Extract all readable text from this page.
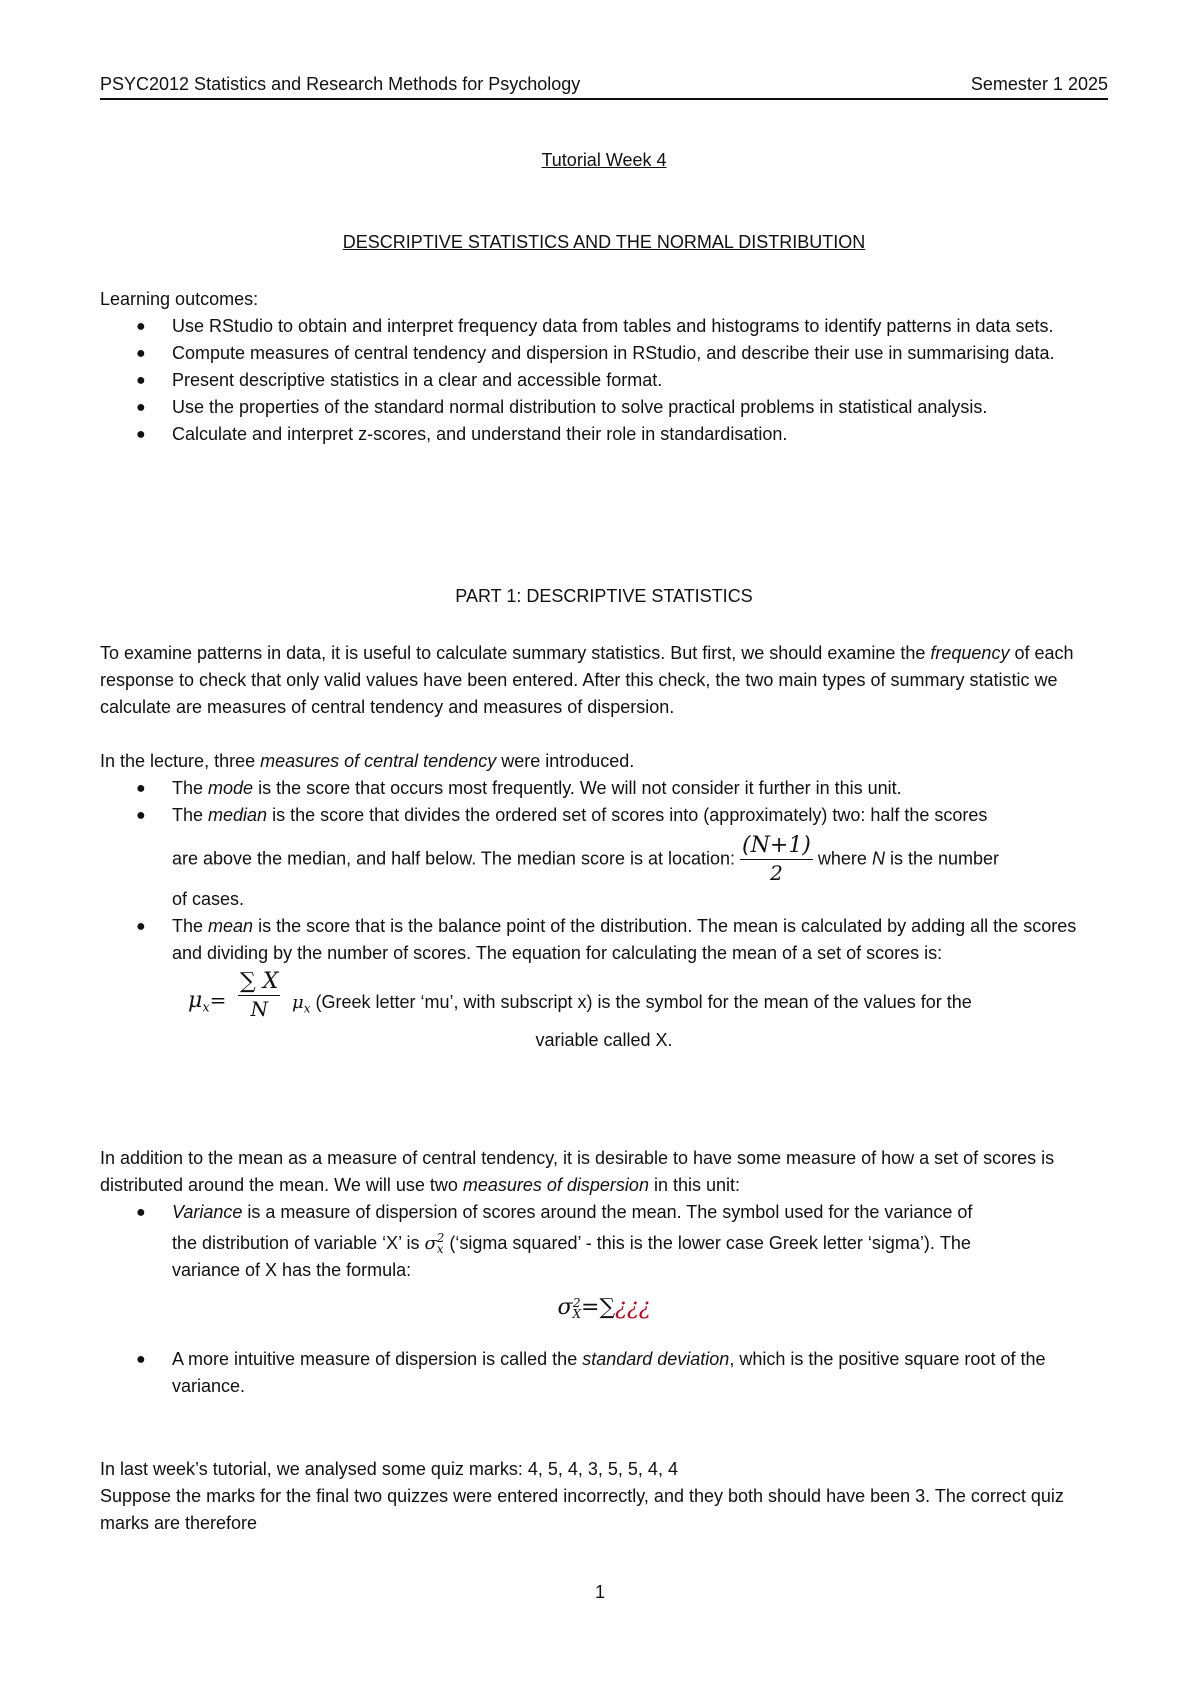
PSYC2012 Statistics and Research Methods for Psychology	Semester 1 2025
Tutorial Week 4
DESCRIPTIVE STATISTICS AND THE NORMAL DISTRIBUTION
Learning outcomes:
● Use RStudio to obtain and interpret frequency data from tables and histograms to identify patterns in data sets.
● Compute measures of central tendency and dispersion in RStudio, and describe their use in summarising data.
● Present descriptive statistics in a clear and accessible format.
● Use the properties of the standard normal distribution to solve practical problems in statistical analysis.
● Calculate and interpret z-scores, and understand their role in standardisation.
PART 1: DESCRIPTIVE STATISTICS
To examine patterns in data, it is useful to calculate summary statistics. But first, we should examine the frequency of each response to check that only valid values have been entered. After this check, the two main types of summary statistic we calculate are measures of central tendency and measures of dispersion.
In the lecture, three measures of central tendency were introduced.
● The mode is the score that occurs most frequently. We will not consider it further in this unit.
● The median is the score that divides the ordered set of scores into (approximately) two: half the scores
are above the median, and half below. The median score is at location: $\frac{(N+1)}{2}$ where N is the number
of cases.
● The mean is the score that is the balance point of the distribution. The mean is calculated by adding all the scores and dividing by the number of scores. The equation for calculating the mean of a set of scores is:
$\mu_x= \frac{\sum X}{N} \mu_x$ (Greek letter ‘mu’, with subscript x) is the symbol for the mean of the values for the
variable called X.
In addition to the mean as a measure of central tendency, it is desirable to have some measure of how a set of scores is distributed around the mean. We will use two measures of dispersion in this unit:
● Variance is a measure of dispersion of scores around the mean. The symbol used for the variance of
the distribution of variable ‘X’ is σ 2
x (‘sigma squared’ - this is the lower case Greek letter ‘sigma’). The
variance of X has the formula:
σ 2
X =∑¿¿¿
● A more intuitive measure of dispersion is called the standard deviation, which is the positive square root of the variance.
In last week’s tutorial, we analysed some quiz marks: 4, 5, 4, 3, 5, 5, 4, 4
Suppose the marks for the final two quizzes were entered incorrectly, and they both should have been 3. The correct quiz marks are therefore
1
